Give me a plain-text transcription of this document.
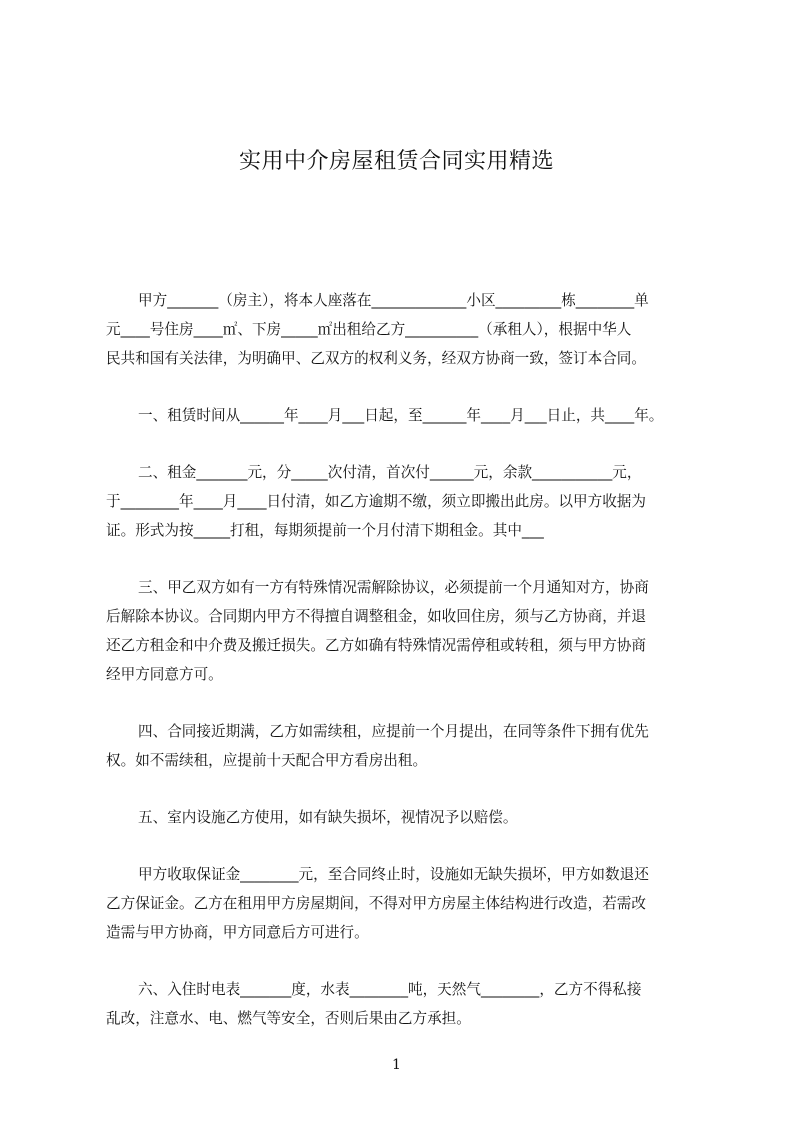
实用中介房屋租赁合同实用精选
甲方_______（房主），将本人座落在_____________小区_________栋________单
元____号住房____㎡、下房_____㎡出租给乙方__________（承租人），根据中华人
民共和国有关法律，为明确甲、乙双方的权利义务，经双方协商一致，签订本合同。
一、租赁时间从______年____月___日起，至______年____月___日止，共____年。
二、租金_______元，分_____次付清，首次付______元，余款___________元，
于________年____月____日付清，如乙方逾期不缴，须立即搬出此房。以甲方收据为
证。形式为按_____打租，每期须提前一个月付清下期租金。其中___
三、甲乙双方如有一方有特殊情况需解除协议，必须提前一个月通知对方，协商
后解除本协议。合同期内甲方不得擅自调整租金，如收回住房，须与乙方协商，并退
还乙方租金和中介费及搬迁损失。乙方如确有特殊情况需停租或转租，须与甲方协商
经甲方同意方可。
四、合同接近期满，乙方如需续租，应提前一个月提出，在同等条件下拥有优先
权。如不需续租，应提前十天配合甲方看房出租。
五、室内设施乙方使用，如有缺失损坏，视情况予以赔偿。
甲方收取保证金________元，至合同终止时，设施如无缺失损坏，甲方如数退还
乙方保证金。乙方在租用甲方房屋期间，不得对甲方房屋主体结构进行改造，若需改
造需与甲方协商，甲方同意后方可进行。
六、入住时电表_______度，水表________吨，天然气________，乙方不得私接
乱改，注意水、电、燃气等安全，否则后果由乙方承担。
1
